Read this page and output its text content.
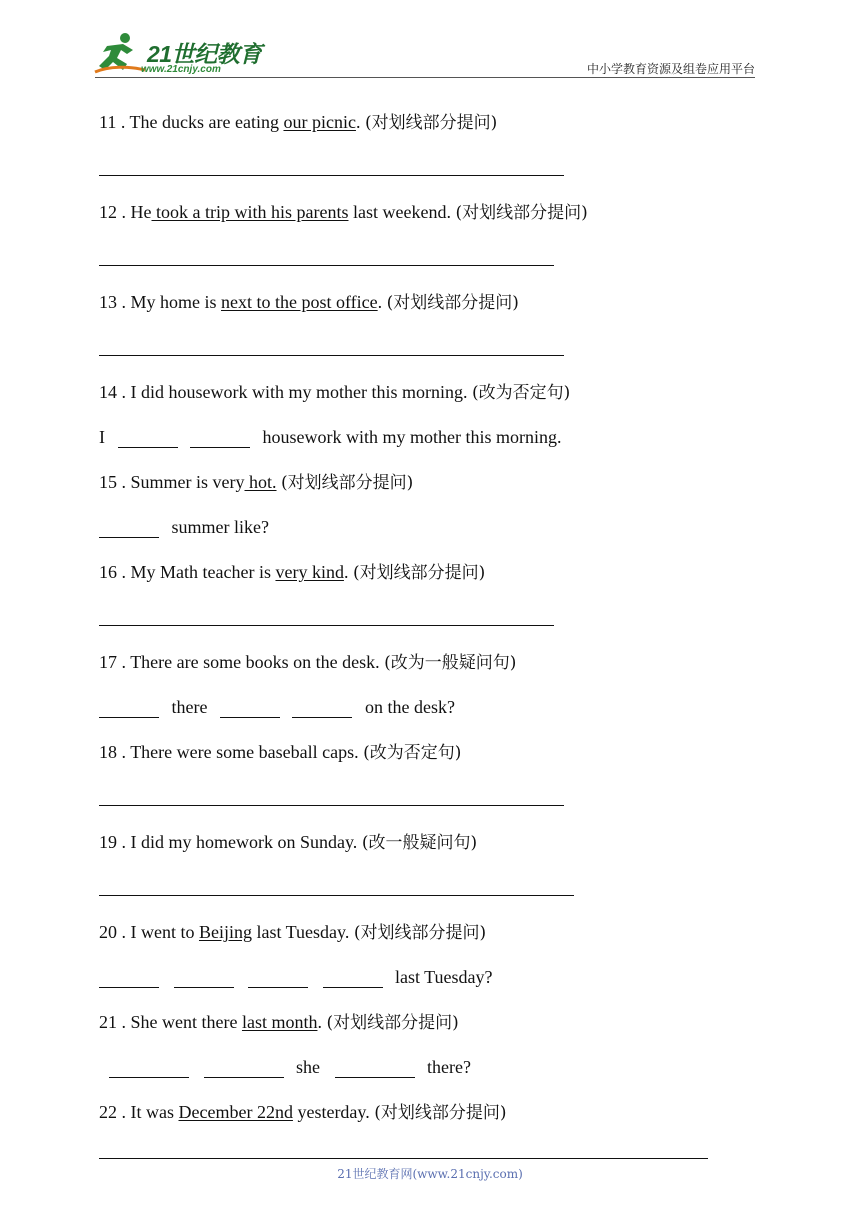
21世纪教育
www.21cnjy.com	中小学教育资源及组卷应用平台
11 . The ducks are eating our picnic. (对划线部分提问)
12 . He took a trip with his parents last weekend. (对划线部分提问)
13 . My home is next to the post office. (对划线部分提问)
14 . I did housework with my mother this morning. (改为否定句)
I	housework with my mother this morning.
15 . Summer is very hot. (对划线部分提问)
summer like?
16 . My Math teacher is very kind. (对划线部分提问)
17 . There are some books on the desk. (改为一般疑问句)
there	on the desk?
18 . There were some baseball caps. (改为否定句)
19 . I did my homework on Sunday. (改一般疑问句)
20 . I went to Beijing last Tuesday. (对划线部分提问)
last Tuesday?
21 . She went there last month. (对划线部分提问)
she	there?
22 . It was December 22nd yesterday. (对划线部分提问)
21世纪教育网(www.21cnjy.com)
